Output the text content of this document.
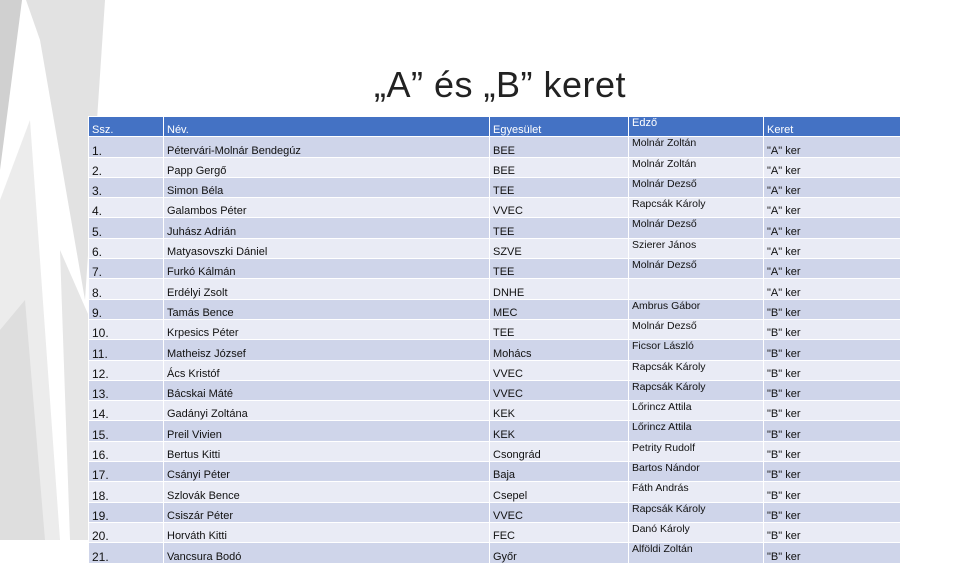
„A” és „B” keret
Ssz.	Név.	Egyesület	Edző	Keret
1.	Pétervári-Molnár Bendegúz	BEE	Molnár Zoltán	"A" ker
2.	Papp Gergő	BEE	Molnár Zoltán	"A" ker
3.	Simon Béla	TEE	Molnár Dezső	"A" ker
4.	Galambos Péter	VVEC	Rapcsák Károly	"A" ker
5.	Juhász Adrián	TEE	Molnár Dezső	"A" ker
6.	Matyasovszki Dániel	SZVE	Szierer János	"A" ker
7.	Furkó Kálmán	TEE	Molnár Dezső	"A" ker
8.	Erdélyi Zsolt	DNHE		"A" ker
9.	Tamás Bence	MEC	Ambrus Gábor	"B" ker
10.	Krpesics Péter	TEE	Molnár Dezső	"B" ker
11.	Matheisz József	Mohács	Ficsor László	"B" ker
12.	Ács Kristóf	VVEC	Rapcsák Károly	"B" ker
13.	Bácskai Máté	VVEC	Rapcsák Károly	"B" ker
14.	Gadányi Zoltána	KEK	Lőrincz Attila	"B" ker
15.	Preil Vivien	KEK	Lőrincz Attila	"B" ker
16.	Bertus Kitti	Csongrád	Petrity Rudolf	"B" ker
17.	Csányi Péter	Baja	Bartos Nándor	"B" ker
18.	Szlovák Bence	Csepel	Fáth András	"B" ker
19.	Csiszár Péter	VVEC	Rapcsák Károly	"B" ker
20.	Horváth Kitti	FEC	Danó Károly	"B" ker
21.	Vancsura Bodó	Győr	Alföldi Zoltán	"B" ker
